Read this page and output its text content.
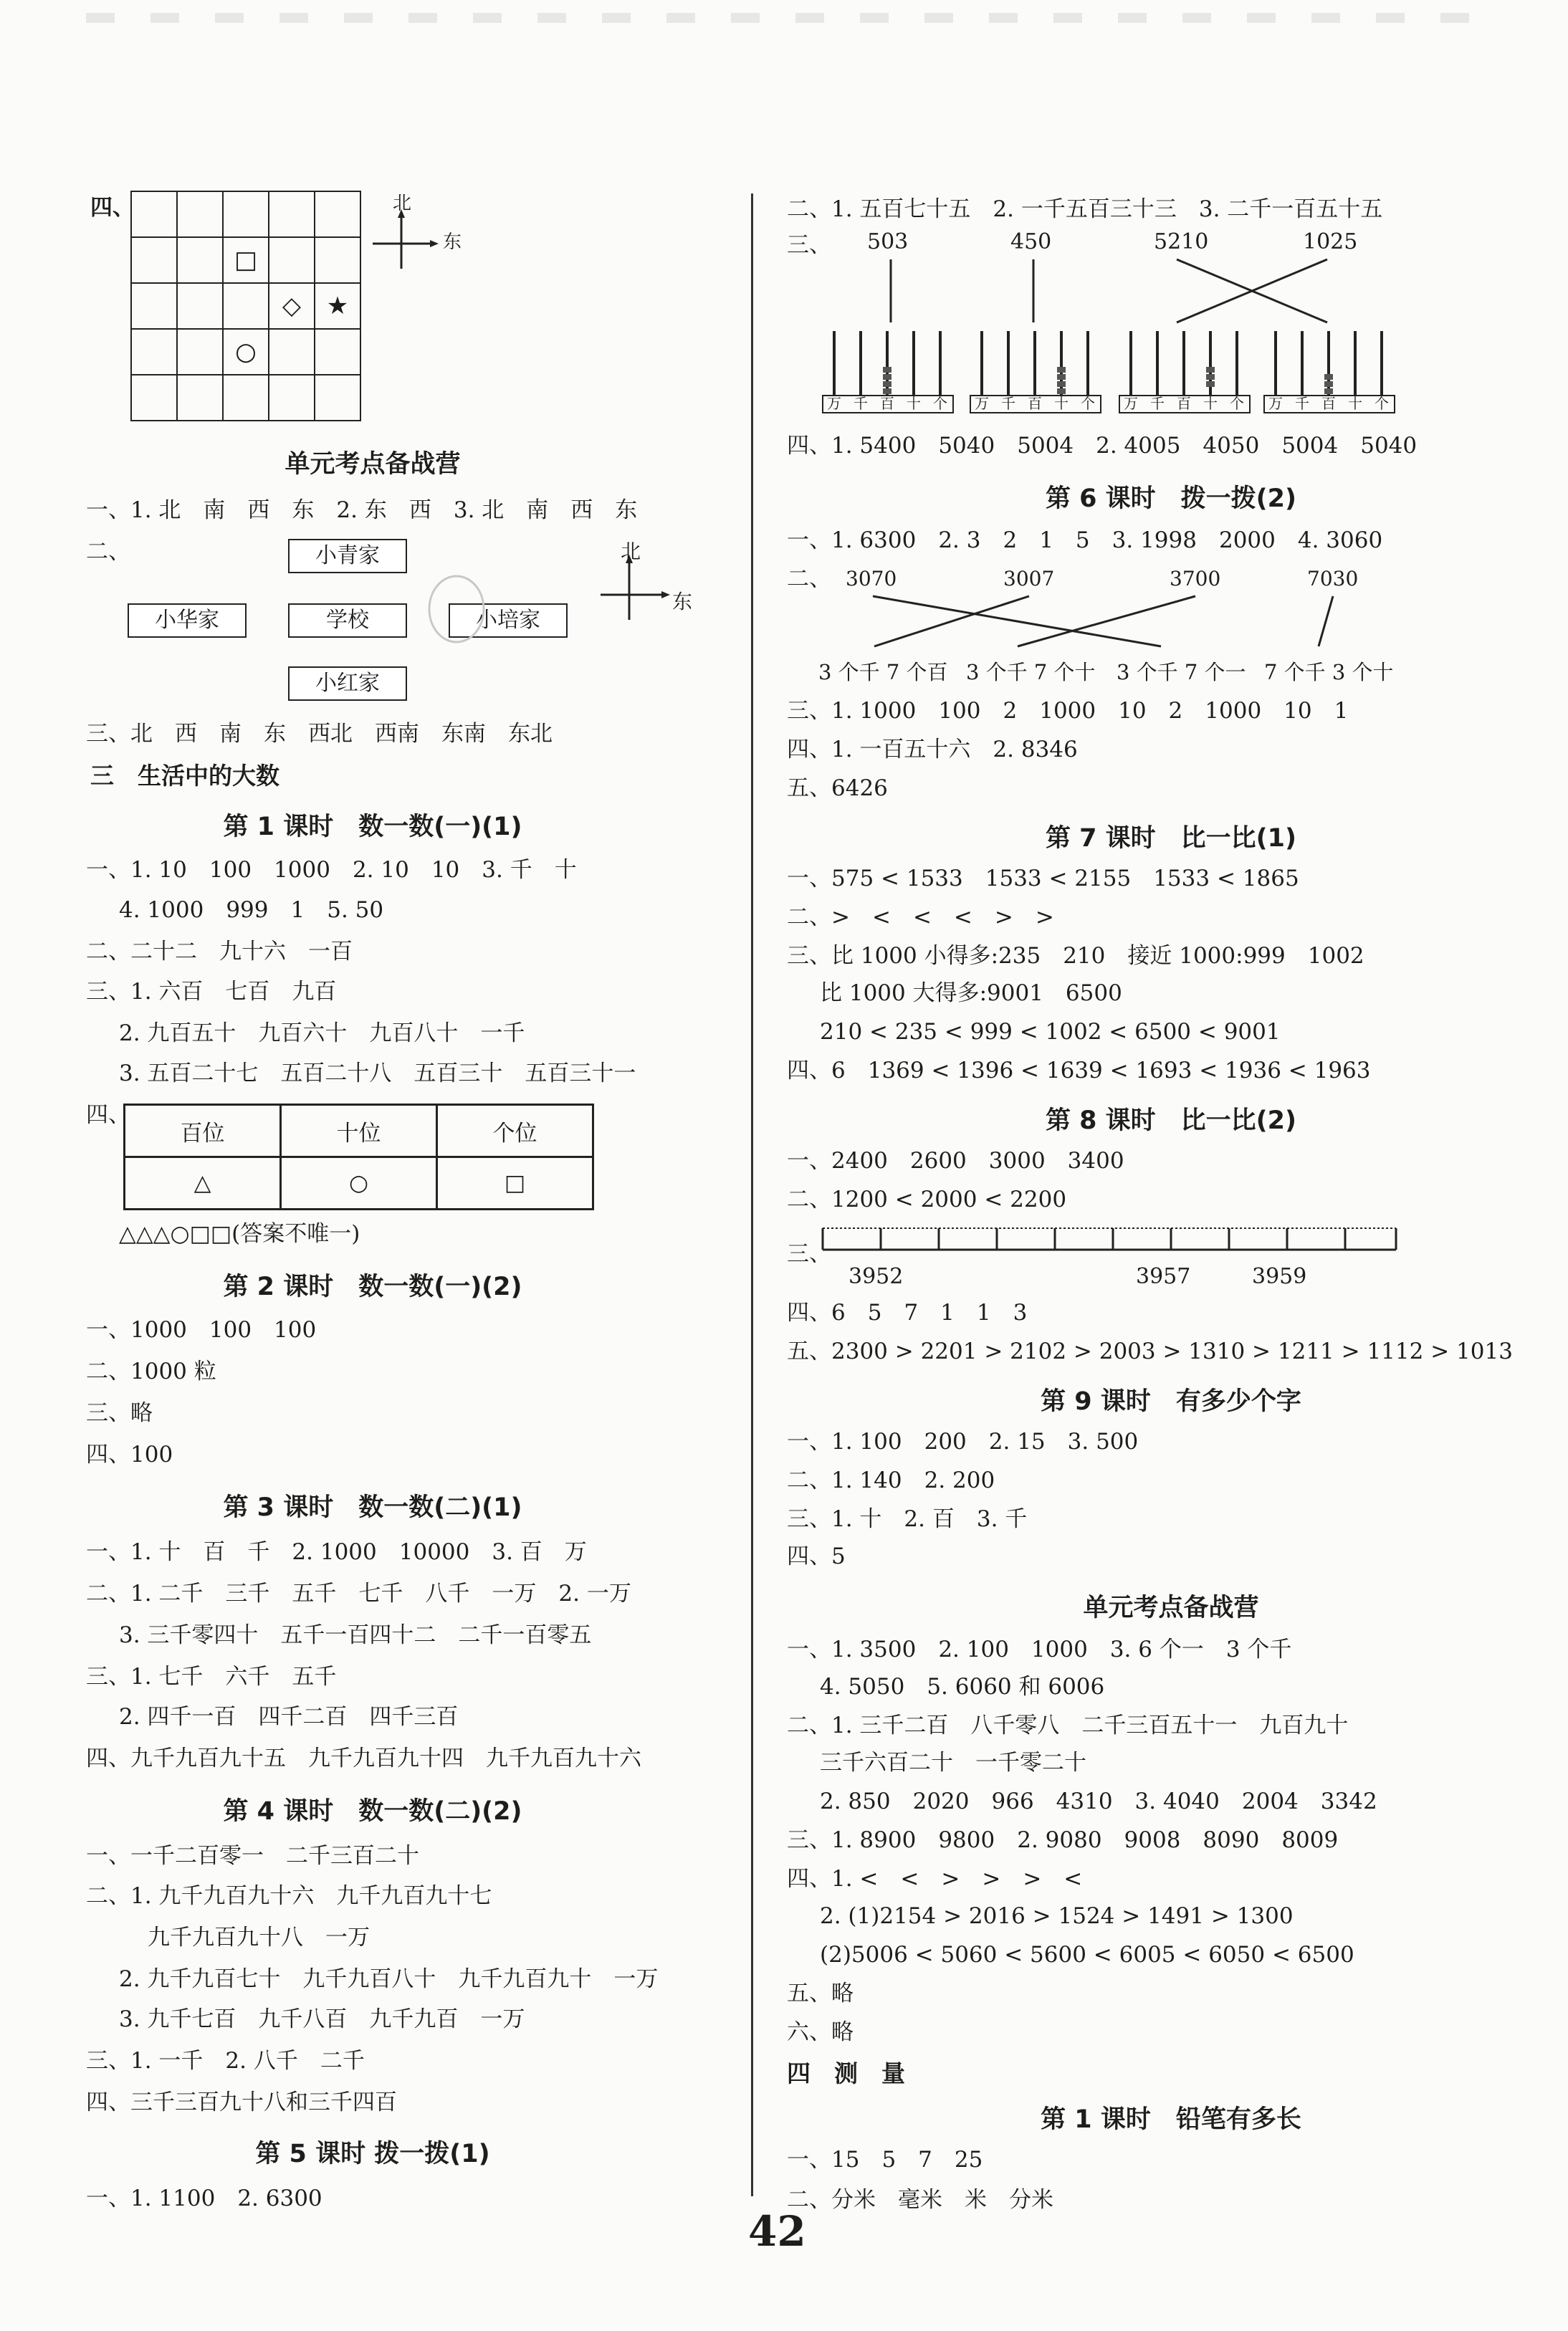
四、

		□		
			◇	★
		○		

北
东
单元考点备战营
一、1. 北　南　西　东　2. 东　西　3. 北　南　西　东
二、	小青家
小华家	学校	小培家
小红家
北
东
三、北　西　南　东　西北　西南　东南　东北
三　生活中的大数
第 1 课时　数一数(一)(1)
一、1. 10　100　1000　2. 10　10　3. 千　十
4. 1000　999　1　5. 50
二、二十二　九十六　一百
三、1. 六百　七百　九百
2. 九百五十　九百六十　九百八十　一千
3. 五百二十七　五百二十八　五百三十　五百三十一
四、
百位	十位	个位
△	○	□
△△△○□□(答案不唯一)
第 2 课时　数一数(一)(2)
一、1000　100　100
二、1000 粒
三、略
四、100
第 3 课时　数一数(二)(1)
一、1. 十　百　千　2. 1000　10000　3. 百　万
二、1. 二千　三千　五千　七千　八千　一万　2. 一万
3. 三千零四十　五千一百四十二　二千一百零五
三、1. 七千　六千　五千
2. 四千一百　四千二百　四千三百
四、九千九百九十五　九千九百九十四　九千九百九十六
第 4 课时　数一数(二)(2)
一、一千二百零一　二千三百二十
二、1. 九千九百九十六　九千九百九十七
九千九百九十八　一万
2. 九千九百七十　九千九百八十　九千九百九十　一万
3. 九千七百　九千八百　九千九百　一万
三、1. 一千　2. 八千　二千
四、三千三百九十八和三千四百
第 5 课时 拨一拨(1)
一、1. 1100　2. 6300
二、1. 五百七十五　2. 一千五百三十三　3. 二千一百五十五
三、 503	450	5210	1025
四、1. 5400　5040　5004　2. 4005　4050　5004　5040
第 6 课时　拨一拨(2)
一、1. 6300　2. 3　2　1　5　3. 1998　2000　4. 3060
二、 3070	3007	3700	7030
3 个千 7 个百 3 个千 7 个十 3 个千 7 个一 7 个千 3 个十
三、1. 1000　100　2　1000　10　2　1000　10　1
四、1. 一百五十六　2. 8346
五、6426
第 7 课时　比一比(1)
一、575 < 1533　1533 < 2155　1533 < 1865
二、>　<　<　<　>　>
三、比 1000 小得多:235　210　接近 1000:999　1002
比 1000 大得多:9001　6500
210 < 235 < 999 < 1002 < 6500 < 9001
四、6　1369 < 1396 < 1639 < 1693 < 1936 < 1963
第 8 课时　比一比(2)
一、2400　2600　3000　3400
二、1200 < 2000 < 2200
三、
3952	3957	3959
四、6　5　7　1　1　3
五、2300 > 2201 > 2102 > 2003 > 1310 > 1211 > 1112 > 1013
第 9 课时　有多少个字
一、1. 100　200　2. 15　3. 500
二、1. 140　2. 200
三、1. 十　2. 百　3. 千
四、5
单元考点备战营
一、1. 3500　2. 100　1000　3. 6 个一　3 个千
4. 5050　5. 6060 和 6006
二、1. 三千二百　八千零八　二千三百五十一　九百九十
三千六百二十　一千零二十
2. 850　2020　966　4310　3. 4040　2004　3342
三、1. 8900　9800　2. 9080　9008　8090　8009
四、1. <　<　>　>　>　<
2. (1)2154 > 2016 > 1524 > 1491 > 1300
(2)5006 < 5060 < 5600 < 6005 < 6050 < 6500
五、略
六、略
四　测　量
第 1 课时　铅笔有多长
一、15　5　7　25
二、分米　毫米　米　分米
万 千 百 十 个 万 千 百 十 个 万 千 百 十 个 万 千 百 十 个
42
